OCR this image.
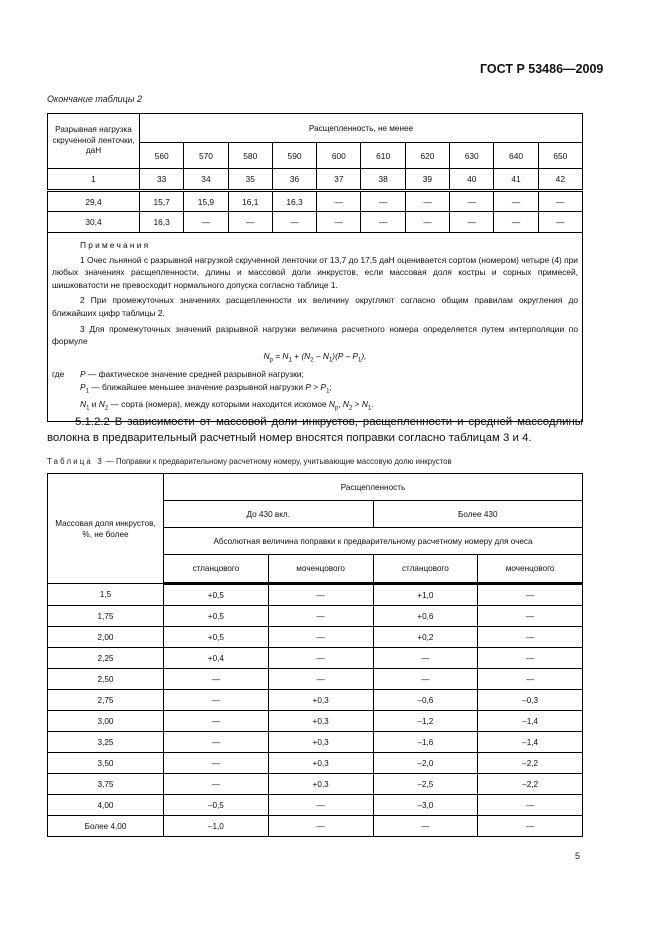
ГОСТ Р 53486—2009
Окончание таблицы 2
Разрывная нагрузка скрученной ленточки, даН	Расщепленность, не менее									
	560	570	580	590	600	610	620	630	640	650
1	33	34	35	36	37	38	39	40	41	42
29,4	15,7	15,9	16,1	16,3	—	—	—	—	—	—
30,4	16,3	—	—	—	—	—	—	—	—	—

Примечания
1 Очес льняной с разрывной нагрузкой скрученной ленточки от 13,7 до 17,5 даН оценивается сортом (номером) четыре (4) при любых значениях расщепленности, длины и массовой доли инкрустов, если массовая доля костры и сорных примесей, шишковатости не превосходит нормального допуска согласно таблице 1.
2 При промежуточных значениях расщепленности их величину округляют согласно общим правилам округления до ближайших цифр таблицы 2.
3 Для промежуточных значений разрывной нагрузки величина расчетного номера определяется путем интерполяции по формуле
$N_р = N_1 + (N_2 - N_1)(P - P_1)$,
где P — фактическое значение средней разрывной нагрузки;
$P_1$ — ближайшее меньшее значение разрывной нагрузки $P > P_1$;
$N_1$ и $N_2$ — сорта (номера), между которыми находится искомое $N_р$, $N_2 > N_1$.
5.1.2.2 В зависимости от массовой доли инкрустов, расщепленности и средней массодлины волокна в предварительный расчетный номер вносятся поправки согласно таблицам 3 и 4.
Таблица 3 — Поправки к предварительному расчетному номеру, учитывающие массовую долю инкрустов
Массовая доля инкрустов, %, не более	Расщепленность			
	До 430 вкл.		Более 430	
	Абсолютная величина поправки к предварительному расчетному номеру для очеса			
	стланцового	моченцового	стланцового	моченцового
1,5	+0,5	—	+1,0	—
1,75	+0,5	—	+0,6	—
2,00	+0,5	—	+0,2	—
2,25	+0,4	—	—	—
2,50	—	—	—	—
2,75	—	+0,3	–0,6	–0,3
3,00	—	+0,3	–1,2	–1,4
3,25	—	+0,3	–1,6	–1,4
3,50	—	+0,3	–2,0	–2,2
3,75	—	+0,3	–2,5	–2,2
4,00	–0,5	—	–3,0	—
Более 4,00	–1,0	—	—	—
5
